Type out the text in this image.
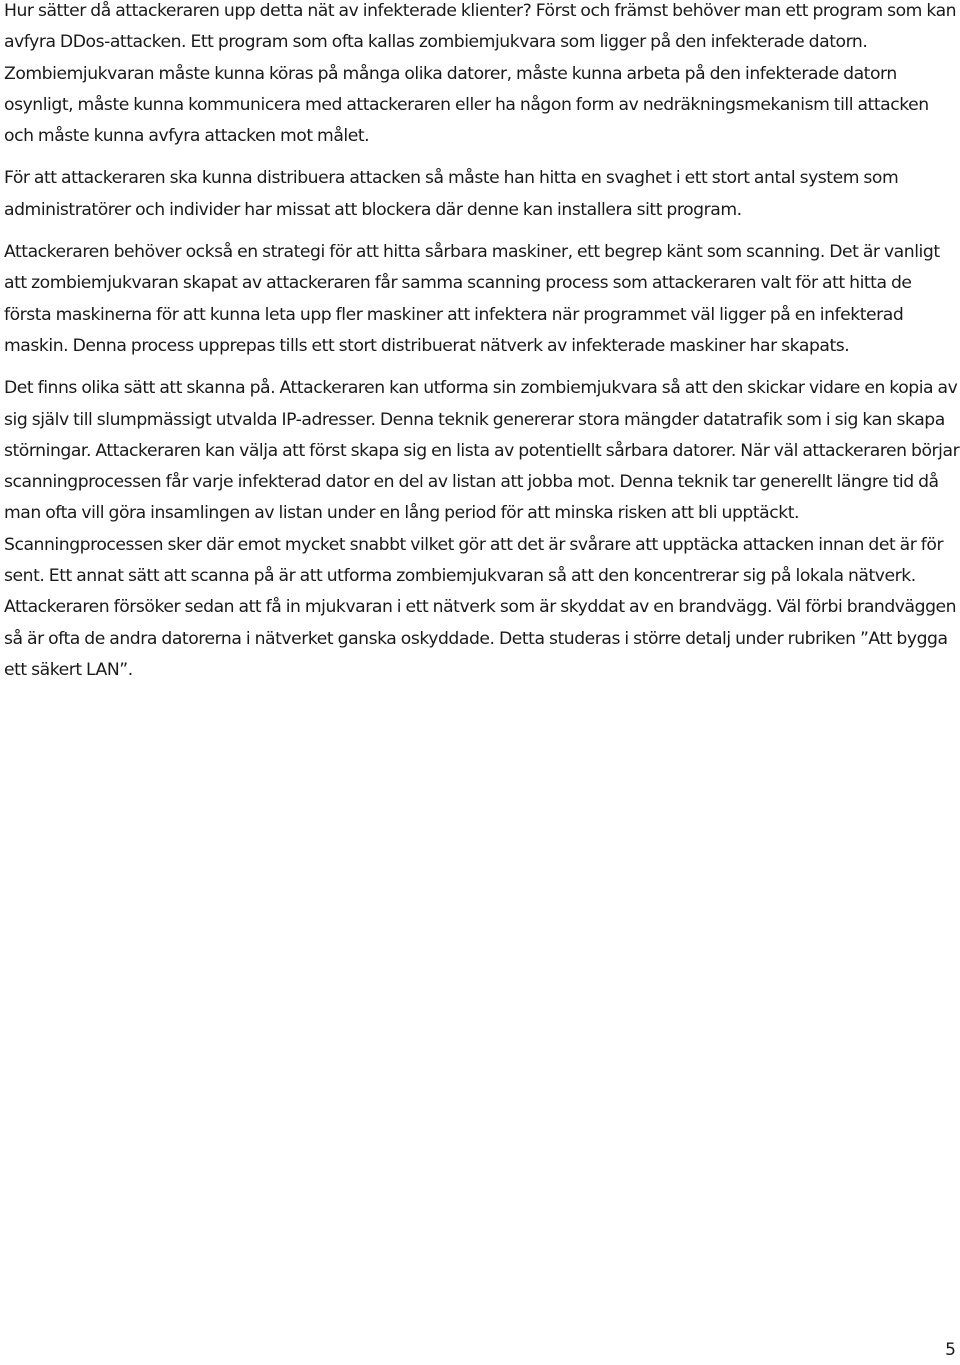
Hur sätter då attackeraren upp detta nät av infekterade klienter? Först och främst behöver man ett program som kan avfyra DDos-attacken. Ett program som ofta kallas zombiemjukvara som ligger på den infekterade datorn. Zombiemjukvaran måste kunna köras på många olika datorer, måste kunna arbeta på den infekterade datorn osynligt, måste kunna kommunicera med attackeraren eller ha någon form av nedräkningsmekanism till attacken och måste kunna avfyra attacken mot målet.

För att attackeraren ska kunna distribuera attacken så måste han hitta en svaghet i ett stort antal system som administratörer och individer har missat att blockera där denne kan installera sitt program.

Attackeraren behöver också en strategi för att hitta sårbara maskiner, ett begrep känt som scanning. Det är vanligt att zombiemjukvaran skapat av attackeraren får samma scanning process som attackeraren valt för att hitta de första maskinerna för att kunna leta upp fler maskiner att infektera när programmet väl ligger på en infekterad maskin. Denna process upprepas tills ett stort distribuerat nätverk av infekterade maskiner har skapats.

Det finns olika sätt att skanna på. Attackeraren kan utforma sin zombiemjukvara så att den skickar vidare en kopia av sig själv till slumpmässigt utvalda IP-adresser. Denna teknik genererar stora mängder datatrafik som i sig kan skapa störningar. Attackeraren kan välja att först skapa sig en lista av potentiellt sårbara datorer. När väl attackeraren börjar scanningprocessen får varje infekterad dator en del av listan att jobba mot. Denna teknik tar generellt längre tid då man ofta vill göra insamlingen av listan under en lång period för att minska risken att bli upptäckt. Scanningprocessen sker där emot mycket snabbt vilket gör att det är svårare att upptäcka attacken innan det är för sent. Ett annat sätt att scanna på är att utforma zombiemjukvaran så att den koncentrerar sig på lokala nätverk. Attackeraren försöker sedan att få in mjukvaran i ett nätverk som är skyddat av en brandvägg. Väl förbi brandväggen så är ofta de andra datorerna i nätverket ganska oskyddade. Detta studeras i större detalj under rubriken ”Att bygga ett säkert LAN”.

5
